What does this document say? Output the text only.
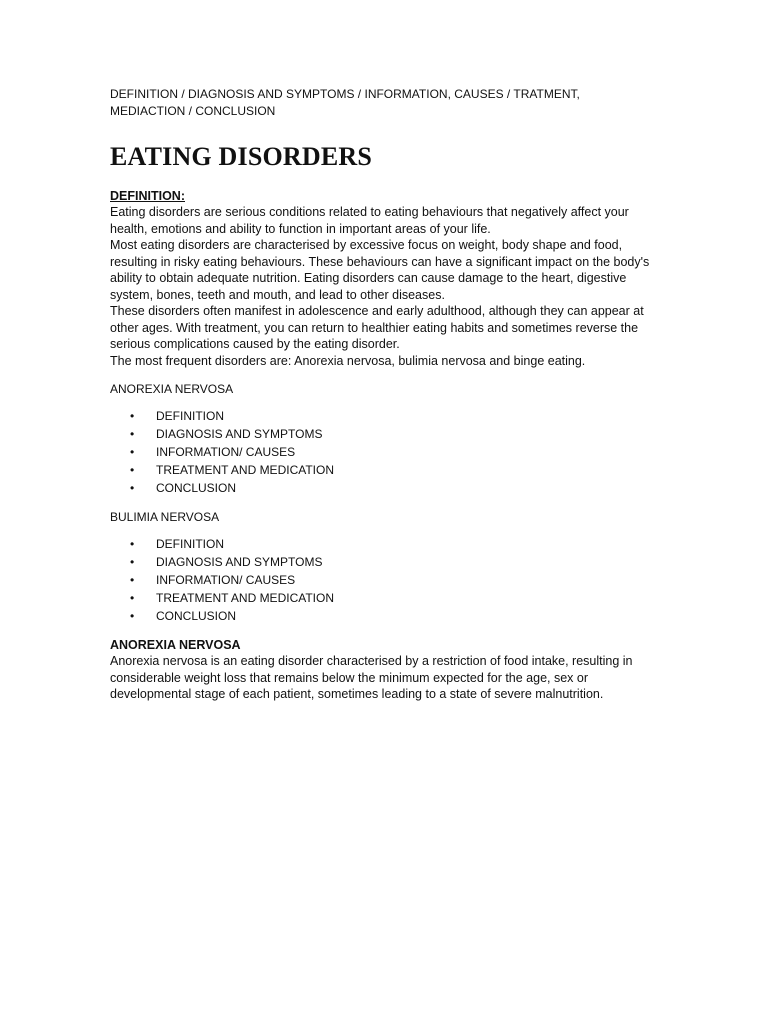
DEFINITION / DIAGNOSIS AND SYMPTOMS / INFORMATION, CAUSES / TRATMENT,

MEDIACTION / CONCLUSION

EATING DISORDERS
DEFINITION:

Eating disorders are serious conditions related to eating behaviours that negatively affect your health, emotions and ability to function in important areas of your life.

Most eating disorders are characterised by excessive focus on weight, body shape and food, resulting in risky eating behaviours. These behaviours can have a significant impact on the body's ability to obtain adequate nutrition. Eating disorders can cause damage to the heart, digestive system, bones, teeth and mouth, and lead to other diseases.

These disorders often manifest in adolescence and early adulthood, although they can appear at other ages. With treatment, you can return to healthier eating habits and sometimes reverse the serious complications caused by the eating disorder.

The most frequent disorders are: Anorexia nervosa, bulimia nervosa and binge eating.

ANOREXIA NERVOSA

• DEFINITION
• DIAGNOSIS AND SYMPTOMS
• INFORMATION/ CAUSES
• TREATMENT AND MEDICATION
• CONCLUSION

BULIMIA NERVOSA

• DEFINITION
• DIAGNOSIS AND SYMPTOMS
• INFORMATION/ CAUSES
• TREATMENT AND MEDICATION
• CONCLUSION
ANOREXIA NERVOSA

Anorexia nervosa is an eating disorder characterised by a restriction of food intake, resulting in considerable weight loss that remains below the minimum expected for the age, sex or developmental stage of each patient, sometimes leading to a state of severe malnutrition.
